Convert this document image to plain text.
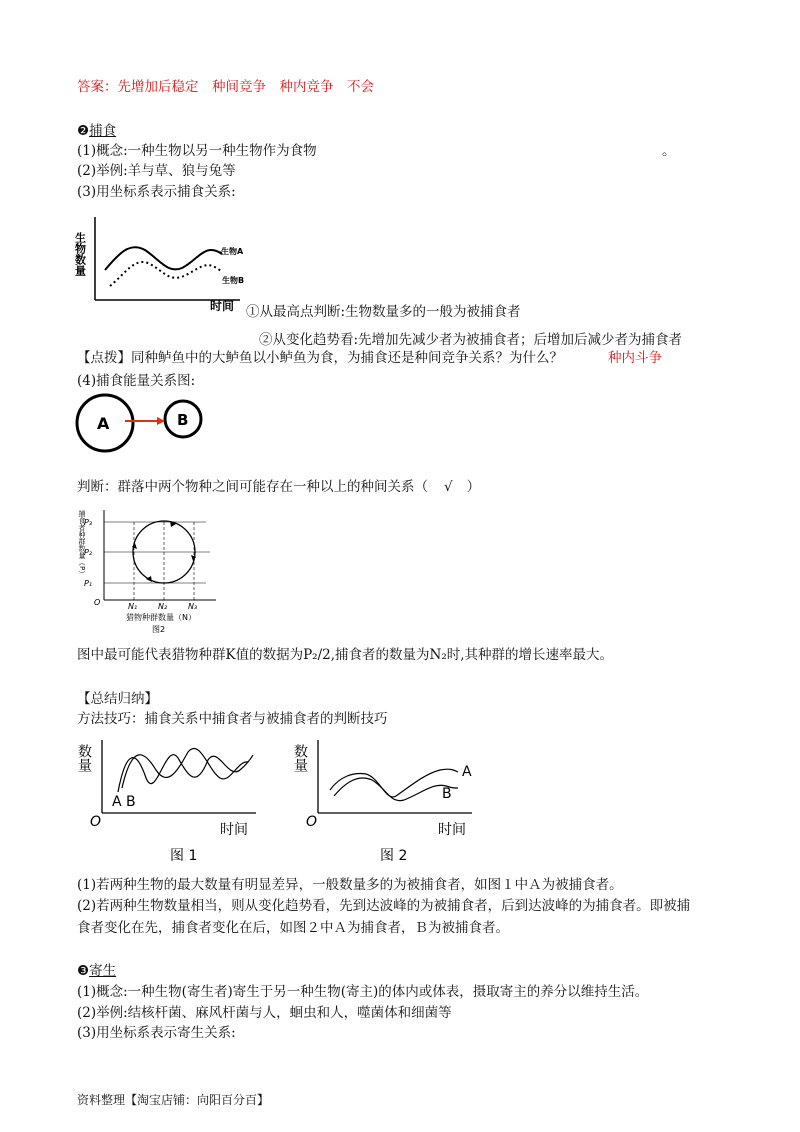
答案：先增加后稳定　种间竞争　种内竞争　不会
❷捕食
(1)概念:一种生物以另一种生物作为食物	。
(2)举例:羊与草、狼与兔等
(3)用坐标系表示捕食关系:
生物数量
时间
生物A
生物B
①从最高点判断:生物数量多的一般为被捕食者
②从变化趋势看:先增加先减少者为被捕食者；后增加后减少者为捕食者
【点拨】同种鲈鱼中的大鲈鱼以小鲈鱼为食，为捕食还是种间竞争关系？为什么？	种内斗争
(4)捕食能量关系图:
A	B
判断：群落中两个物种之间可能存在一种以上的种间关系（ √ ）
P₃
P₂
P₁
O	N₁	N₂	N₃
猎物种群数量（N）
图2
捕食者种群数量（P）
图中最可能代表猎物种群K值的数据为P₂/2,捕食者的数量为N₂时,其种群的增长速率最大。
【总结归纳】
方法技巧：捕食关系中捕食者与被捕食者的判断技巧
数量
O
A B
时间
图 1
数量
O
A
B
时间
图 2
(1)若两种生物的最大数量有明显差异，一般数量多的为被捕食者，如图１中Ａ为被捕食者。
(2)若两种生物数量相当，则从变化趋势看，先到达波峰的为被捕食者，后到达波峰的为捕食者。即被捕
食者变化在先，捕食者变化在后，如图２中Ａ为捕食者，Ｂ为被捕食者。
❸寄生
(1)概念:一种生物(寄生者)寄生于另一种生物(寄主)的体内或体表，摄取寄主的养分以维持生活。
(2)举例:结核杆菌、麻风杆菌与人，蛔虫和人，噬菌体和细菌等
(3)用坐标系表示寄生关系:
资料整理【淘宝店铺：向阳百分百】
